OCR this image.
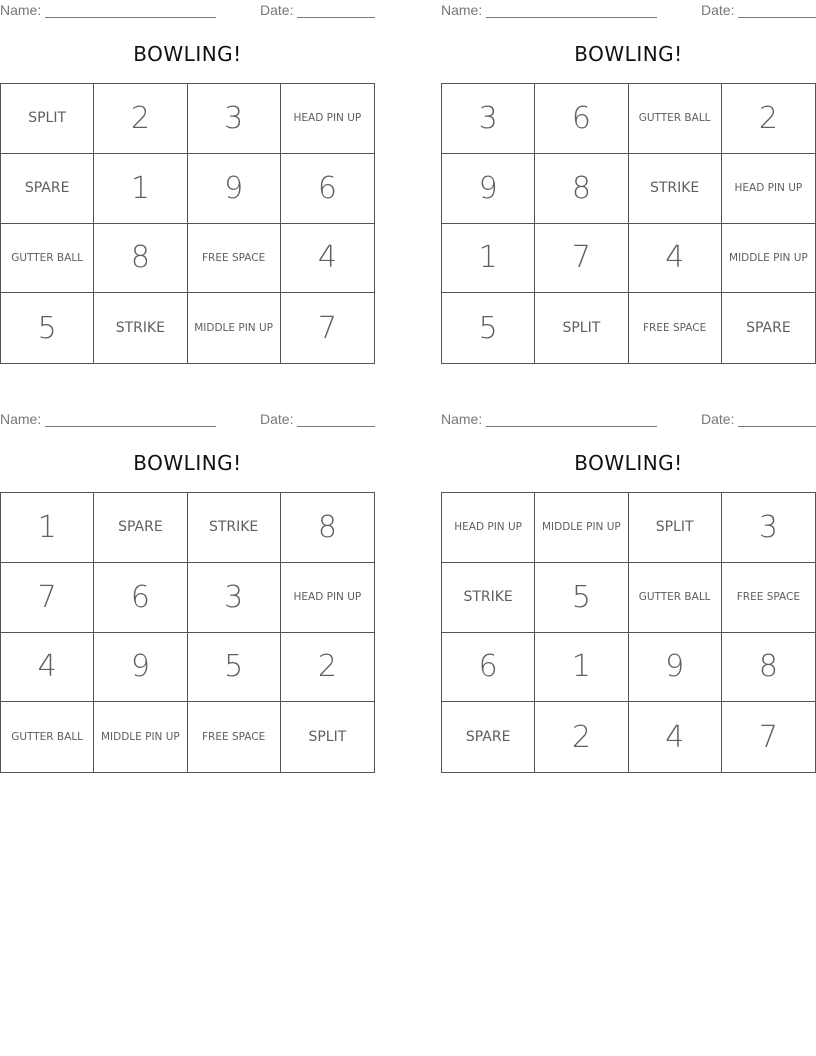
Name:	Date:
BOWLING!
SPLIT	2	3	HEAD PIN UP
SPARE	1	9	6
GUTTER BALL	8	FREE SPACE	4
5	STRIKE	MIDDLE PIN UP	7
Name:	Date:
BOWLING!
3	6	GUTTER BALL	2
9	8	STRIKE	HEAD PIN UP
1	7	4	MIDDLE PIN UP
5	SPLIT	FREE SPACE	SPARE
Name:	Date:
BOWLING!
1	SPARE	STRIKE	8
7	6	3	HEAD PIN UP
4	9	5	2
GUTTER BALL	MIDDLE PIN UP	FREE SPACE	SPLIT
Name:	Date:
BOWLING!
HEAD PIN UP	MIDDLE PIN UP	SPLIT	3
STRIKE	5	GUTTER BALL	FREE SPACE
6	1	9	8
SPARE	2	4	7
